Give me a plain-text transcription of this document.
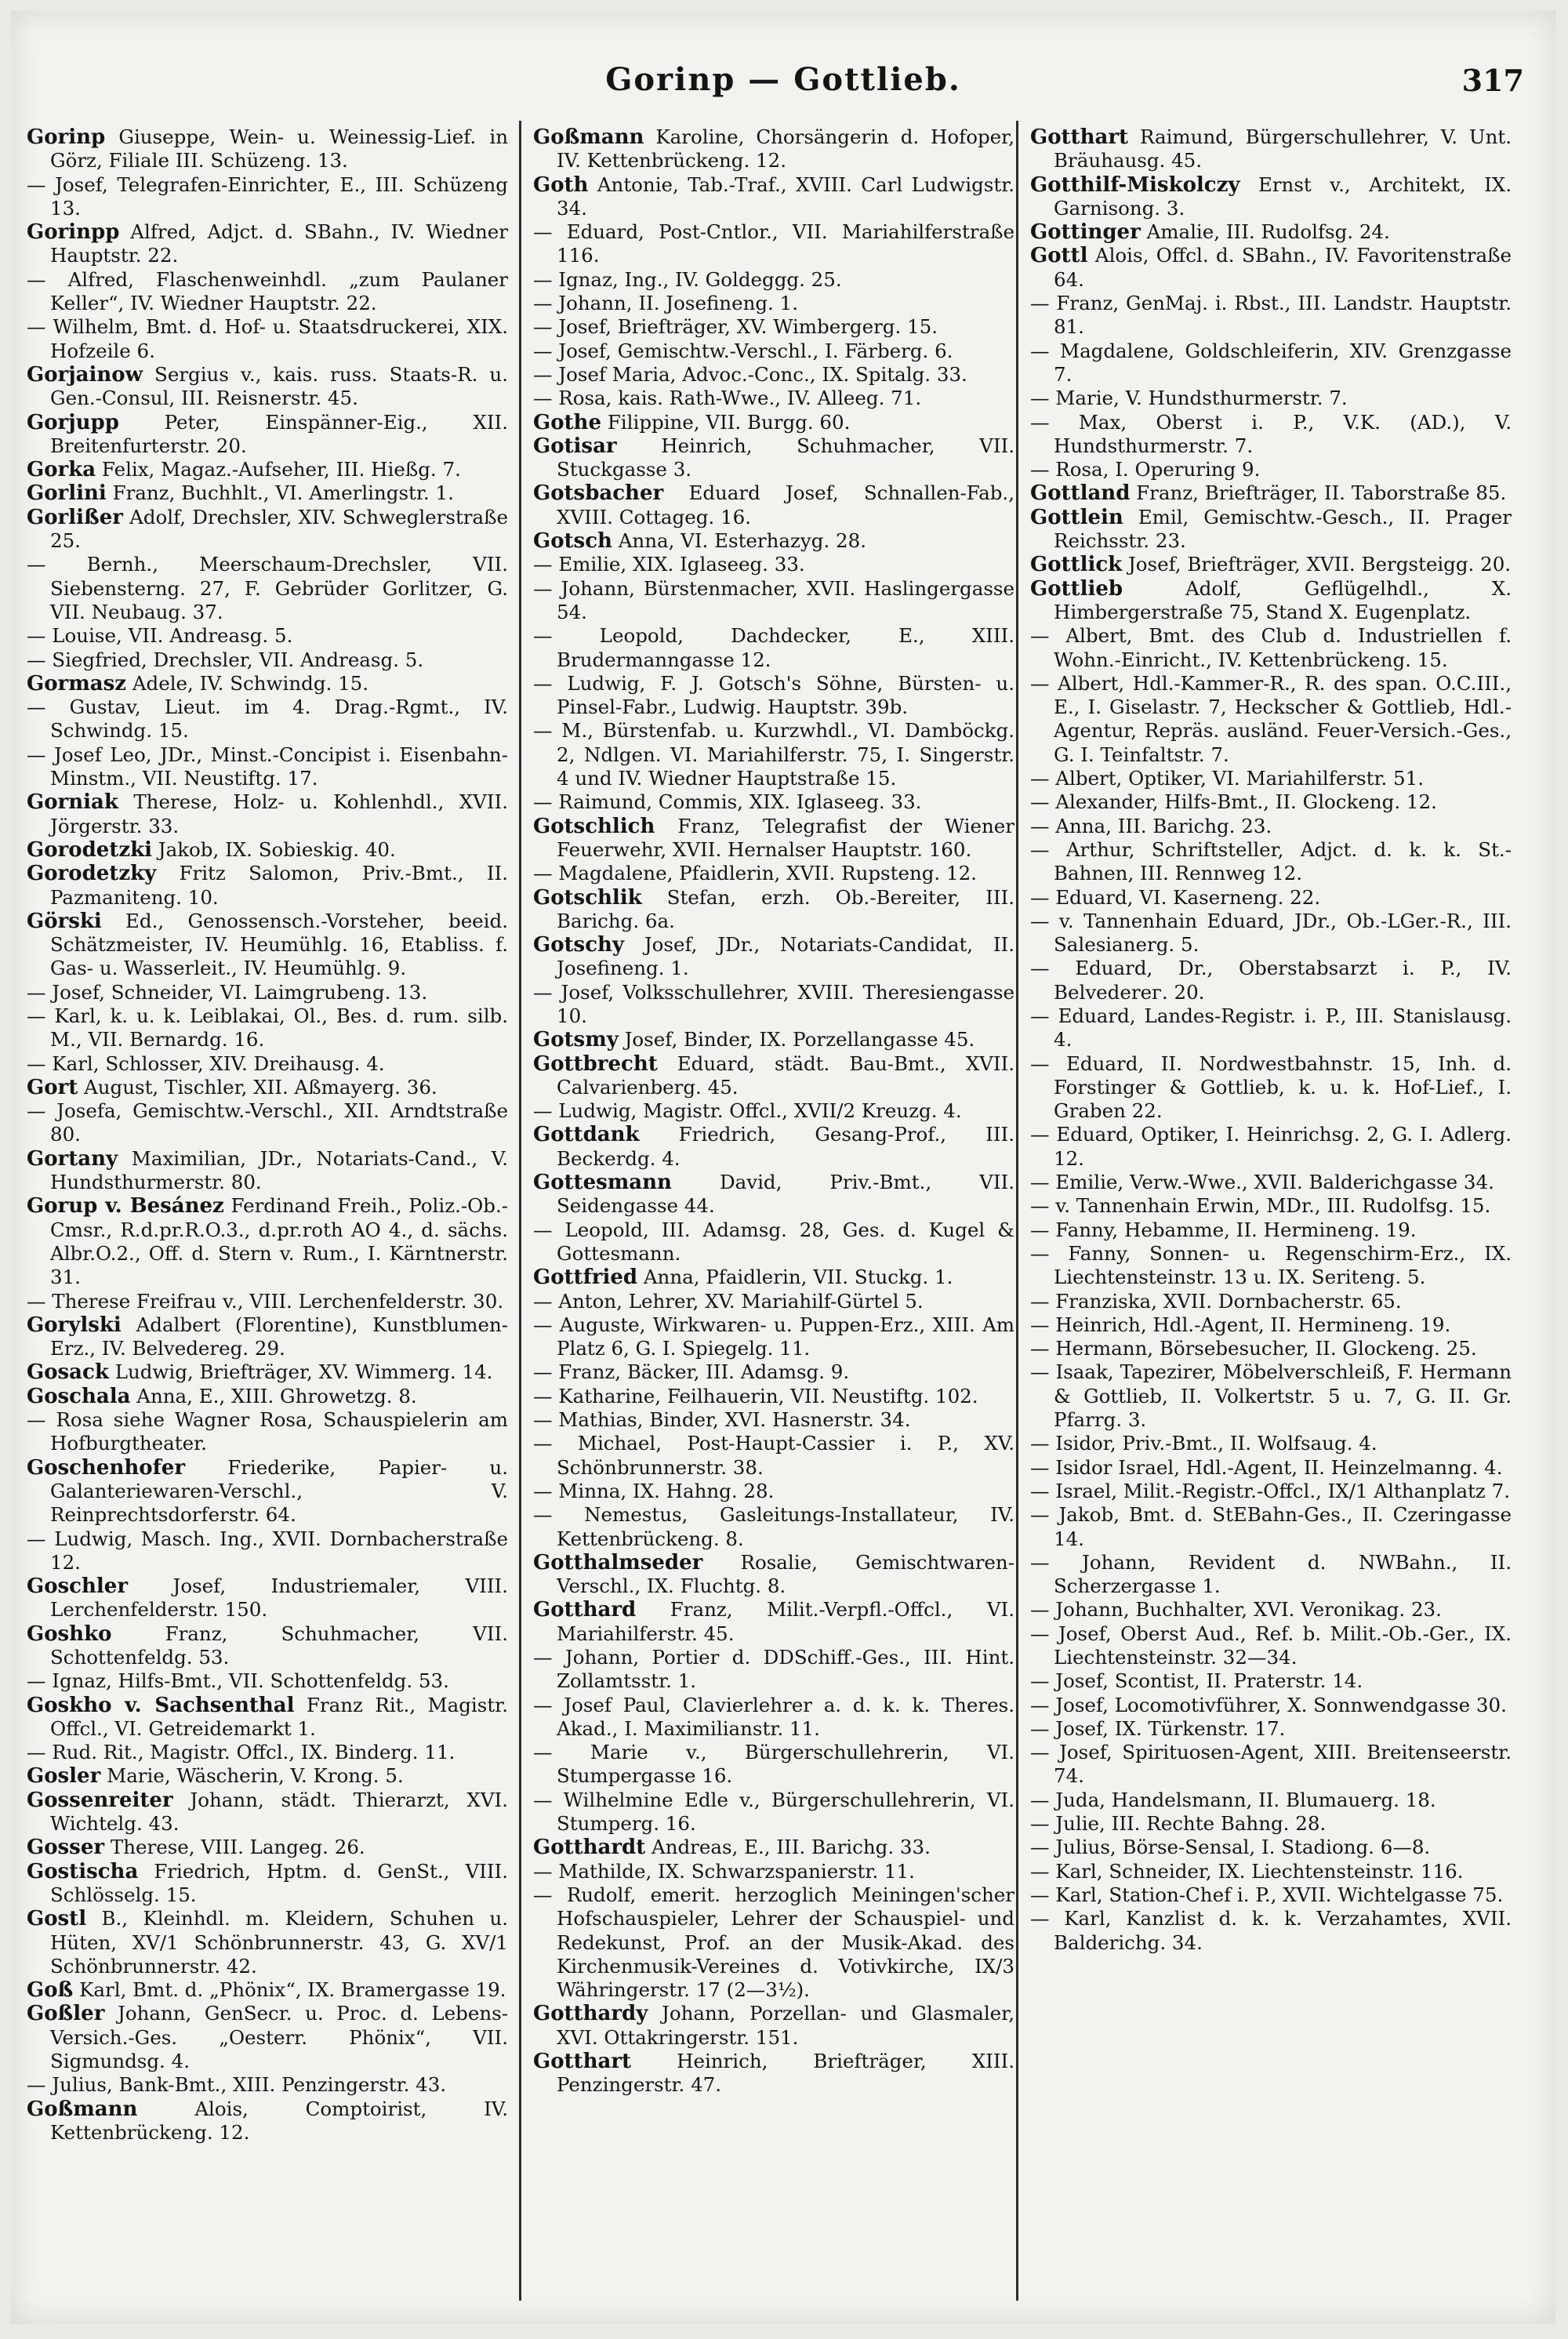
Gorinp — Gottlieb.	317
Gorinp Giuseppe, Wein- u. Weinessig-Lief. in Görz, Filiale III. Schüzeng. 13.
— Josef, Telegrafen-Einrichter, E., III. Schüzeng 13.
Gorinpp Alfred, Adjct. d. SBahn., IV. Wiedner Hauptstr. 22.
— Alfred, Flaschenweinhdl. „zum Paulaner Keller“, IV. Wiedner Hauptstr. 22.
— Wilhelm, Bmt. d. Hof- u. Staatsdruckerei, XIX. Hofzeile 6.
Gorjainow Sergius v., kais. russ. Staats-R. u. Gen.-Consul, III. Reisnerstr. 45.
Gorjupp Peter, Einspänner-Eig., XII. Breitenfurterstr. 20.
Gorka Felix, Magaz.-Aufseher, III. Hießg. 7.
Gorlini Franz, Buchhlt., VI. Amerlingstr. 1.
Gorlißer Adolf, Drechsler, XIV. Schweglerstraße 25.
— Bernh., Meerschaum-Drechsler, VII. Siebensterng. 27, F. Gebrüder Gorlitzer, G. VII. Neubaug. 37.
— Louise, VII. Andreasg. 5.
— Siegfried, Drechsler, VII. Andreasg. 5.
Gormasz Adele, IV. Schwindg. 15.
— Gustav, Lieut. im 4. Drag.-Rgmt., IV. Schwindg. 15.
— Josef Leo, JDr., Minst.-Concipist i. Eisenbahn-Minstm., VII. Neustiftg. 17.
Gorniak Therese, Holz- u. Kohlenhdl., XVII. Jörgerstr. 33.
Gorodetzki Jakob, IX. Sobieskig. 40.
Gorodetzky Fritz Salomon, Priv.-Bmt., II. Pazmaniteng. 10.
Görski Ed., Genossensch.-Vorsteher, beeid. Schätzmeister, IV. Heumühlg. 16, Etabliss. f. Gas- u. Wasserleit., IV. Heumühlg. 9.
— Josef, Schneider, VI. Laimgrubeng. 13.
— Karl, k. u. k. Leiblakai, Ol., Bes. d. rum. silb. M., VII. Bernardg. 16.
— Karl, Schlosser, XIV. Dreihausg. 4.
Gort August, Tischler, XII. Aßmayerg. 36.
— Josefa, Gemischtw.-Verschl., XII. Arndtstraße 80.
Gortany Maximilian, JDr., Notariats-Cand., V. Hundsthurmerstr. 80.
Gorup v. Besánez Ferdinand Freih., Poliz.-Ob.-Cmsr., R.d.pr.R.O.3., d.pr.roth AO 4., d. sächs. Albr.O.2., Off. d. Stern v. Rum., I. Kärntnerstr. 31.
— Therese Freifrau v., VIII. Lerchenfelderstr. 30.
Gorylski Adalbert (Florentine), Kunstblumen-Erz., IV. Belvedereg. 29.
Gosack Ludwig, Briefträger, XV. Wimmerg. 14.
Goschala Anna, E., XIII. Ghrowetzg. 8.
— Rosa siehe Wagner Rosa, Schauspielerin am Hofburgtheater.
Goschenhofer Friederike, Papier- u. Galanteriewaren-Verschl., V. Reinprechtsdorferstr. 64.
— Ludwig, Masch. Ing., XVII. Dornbacherstraße 12.
Goschler Josef, Industriemaler, VIII. Lerchenfelderstr. 150.
Goshko	Franz, Schuhmacher, VII. Schottenfeldg. 53.
— Ignaz, Hilfs-Bmt., VII. Schottenfeldg. 53.
Goskho v. Sachsenthal Franz Rit., Magistr. Offcl., VI. Getreidemarkt 1.
— Rud. Rit., Magistr. Offcl., IX. Binderg. 11.
Gosler Marie, Wäscherin, V. Krong. 5.
Gossenreiter Johann, städt. Thierarzt, XVI. Wichtelg. 43.
Gosser Therese, VIII. Langeg. 26.
Gostischa Friedrich, Hptm. d. GenSt., VIII. Schlösselg. 15.
Gostl B., Kleinhdl. m. Kleidern, Schuhen u. Hüten, XV/1 Schönbrunnerstr. 43, G. XV/1 Schönbrunnerstr. 42.
Goß Karl, Bmt. d. „Phönix“, IX. Bramergasse 19.
Goßler Johann, GenSecr. u. Proc. d. Lebens-Versich.-Ges. „Oesterr. Phönix“, VII. Sigmundsg. 4.
— Julius, Bank-Bmt., XIII. Penzingerstr. 43.
Goßmann	Alois, Comptoirist, IV. Kettenbrückeng. 12.
Goßmann Karoline, Chorsängerin d. Hofoper, IV. Kettenbrückeng. 12.
Goth Antonie, Tab.-Traf., XVIII. Carl Ludwigstr. 34.
— Eduard, Post-Cntlor., VII. Mariahilferstraße 116.
— Ignaz, Ing., IV. Goldeggg. 25.
— Johann, II. Josefineng. 1.
— Josef, Briefträger, XV. Wimbergerg. 15.
— Josef, Gemischtw.-Verschl., I. Färberg. 6.
— Josef Maria, Advoc.-Conc., IX. Spitalg. 33.
— Rosa, kais. Rath-Wwe., IV. Alleeg. 71.
Gothe Filippine, VII. Burgg. 60.
Gotisar Heinrich, Schuhmacher, VII. Stuckgasse 3.
Gotsbacher Eduard Josef, Schnallen-Fab., XVIII. Cottageg. 16.
Gotsch Anna, VI. Esterhazyg. 28.
— Emilie, XIX. Iglaseeg. 33.
— Johann, Bürstenmacher, XVII. Haslingergasse 54.
— Leopold, Dachdecker, E., XIII. Brudermanngasse 12.
— Ludwig, F. J. Gotsch's Söhne, Bürsten- u. Pinsel-Fabr., Ludwig. Hauptstr. 39b.
— M., Bürstenfab. u. Kurzwhdl., VI. Damböckg. 2, Ndlgen. VI. Mariahilferstr. 75, I. Singerstr. 4 und IV. Wiedner Hauptstraße 15.
— Raimund, Commis, XIX. Iglaseeg. 33.
Gotschlich Franz, Telegrafist der Wiener Feuerwehr, XVII. Hernalser Hauptstr. 160.
— Magdalene, Pfaidlerin, XVII. Rupsteng. 12.
Gotschlik Stefan, erzh. Ob.-Bereiter, III. Barichg. 6a.
Gotschy Josef, JDr., Notariats-Candidat, II. Josefineng. 1.
— Josef, Volksschullehrer, XVIII. Theresiengasse 10.
Gotsmy Josef, Binder, IX. Porzellangasse 45.
Gottbrecht Eduard, städt. Bau-Bmt., XVII. Calvarienberg. 45.
— Ludwig, Magistr. Offcl., XVII/2 Kreuzg. 4.
Gottdank Friedrich, Gesang-Prof., III. Beckerdg. 4.
Gottesmann David, Priv.-Bmt., VII. Seidengasse 44.
— Leopold, III. Adamsg. 28, Ges. d. Kugel & Gottesmann.
Gottfried Anna, Pfaidlerin, VII. Stuckg. 1.
— Anton, Lehrer, XV. Mariahilf-Gürtel 5.
— Auguste, Wirkwaren- u. Puppen-Erz., XIII. Am Platz 6, G. I. Spiegelg. 11.
— Franz, Bäcker, III. Adamsg. 9.
— Katharine, Feilhauerin, VII. Neustiftg. 102.
— Mathias, Binder, XVI. Hasnerstr. 34.
— Michael, Post-Haupt-Cassier i. P., XV. Schönbrunnerstr. 38.
— Minna, IX. Hahng. 28.
— Nemestus, Gasleitungs-Installateur, IV. Kettenbrückeng. 8.
Gotthalmseder Rosalie, Gemischtwaren-Verschl., IX. Fluchtg. 8.
Gotthard Franz, Milit.-Verpfl.-Offcl., VI. Mariahilferstr. 45.
— Johann, Portier d. DDSchiff.-Ges., III. Hint. Zollamtsstr. 1.
— Josef Paul, Clavierlehrer a. d. k. k. Theres. Akad., I. Maximilianstr. 11.
— Marie v., Bürgerschullehrerin, VI. Stumpergasse 16.
— Wilhelmine Edle v., Bürgerschullehrerin, VI. Stumperg. 16.
Gotthardt Andreas, E., III. Barichg. 33.
— Mathilde, IX. Schwarzspanierstr. 11.
— Rudolf, emerit. herzoglich Meiningen'scher Hofschauspieler, Lehrer der Schauspiel- und Redekunst, Prof. an der Musik-Akad. des Kirchenmusik-Vereines d. Votivkirche, IX/3 Währingerstr. 17 (2—3½).
Gotthardy Johann, Porzellan- und Glasmaler, XVI. Ottakringerstr. 151.
Gotthart Heinrich, Briefträger, XIII. Penzingerstr. 47.
Gotthart Raimund, Bürgerschullehrer, V. Unt. Bräuhausg. 45.
Gotthilf-Miskolczy Ernst v., Architekt, IX. Garnisong. 3.
Gottinger Amalie, III. Rudolfsg. 24.
Gottl Alois, Offcl. d. SBahn., IV. Favoritenstraße 64.
— Franz, GenMaj. i. Rbst., III. Landstr. Hauptstr. 81.
— Magdalene, Goldschleiferin, XIV. Grenzgasse 7.
— Marie, V. Hundsthurmerstr. 7.
— Max, Oberst i. P., V.K. (AD.), V. Hundsthurmerstr. 7.
— Rosa, I. Operuring 9.
Gottland Franz, Briefträger, II. Taborstraße 85.
Gottlein Emil, Gemischtw.-Gesch., II. Prager Reichsstr. 23.
Gottlick Josef, Briefträger, XVII. Bergsteigg. 20.
Gottlieb	Adolf, Geflügelhdl., X. Himbergerstraße 75, Stand X. Eugenplatz.
— Albert, Bmt. des Club d. Industriellen f. Wohn.-Einricht., IV. Kettenbrückeng. 15.
— Albert, Hdl.-Kammer-R., R. des span. O.C.III., E., I. Giselastr. 7, Heckscher & Gottlieb, Hdl.-Agentur, Repräs. ausländ. Feuer-Versich.-Ges., G. I. Teinfaltstr. 7.
— Albert, Optiker, VI. Mariahilferstr. 51.
— Alexander, Hilfs-Bmt., II. Glockeng. 12.
— Anna, III. Barichg. 23.
— Arthur, Schriftsteller, Adjct. d. k. k. St.-Bahnen, III. Rennweg 12.
— Eduard, VI. Kaserneng. 22.
— v. Tannenhain Eduard, JDr., Ob.-LGer.-R., III. Salesianerg. 5.
— Eduard, Dr., Oberstabsarzt i. P., IV. Belvederег. 20.
— Eduard, Landes-Registr. i. P., III. Stanislausg. 4.
— Eduard, II. Nordwestbahnstr. 15, Inh. d. Forstinger & Gottlieb, k. u. k. Hof-Lief., I. Graben 22.
— Eduard, Optiker, I. Heinrichsg. 2, G. I. Adlerg. 12.
— Emilie, Verw.-Wwe., XVII. Balderichgasse 34.
— v. Tannenhain Erwin, MDr., III. Rudolfsg. 15.
— Fanny, Hebamme, II. Hermineng. 19.
— Fanny, Sonnen- u. Regenschirm-Erz., IX. Liechtensteinstr. 13 u. IX. Seriteng. 5.
— Franziska, XVII. Dornbacherstr. 65.
— Heinrich, Hdl.-Agent, II. Hermineng. 19.
— Hermann, Börsebesucher, II. Glockeng. 25.
— Isaak, Tapezirer, Möbelverschleiß, F. Hermann & Gottlieb, II. Volkertstr. 5 u. 7, G. II. Gr. Pfarrg. 3.
— Isidor, Priv.-Bmt., II. Wolfsaug. 4.
— Isidor Israel, Hdl.-Agent, II. Heinzelmanng. 4.
— Israel, Milit.-Registr.-Offcl., IX/1 Althanplatz 7.
— Jakob, Bmt. d. StEBahn-Ges., II. Czeringasse 14.
— Johann, Revident d. NWBahn., II. Scherzergasse 1.
— Johann, Buchhalter, XVI. Veronikag. 23.
— Josef, Oberst Aud., Ref. b. Milit.-Ob.-Ger., IX. Liechtensteinstr. 32—34.
— Josef, Scontist, II. Praterstr. 14.
— Josef, Locomotivführer, X. Sonnwendgasse 30.
— Josef, IX. Türkenstr. 17.
— Josef, Spirituosen-Agent, XIII. Breitenseerstr. 74.
— Juda, Handelsmann, II. Blumauerg. 18.
— Julie, III. Rechte Bahng. 28.
— Julius, Börse-Sensal, I. Stadiong. 6—8.
— Karl, Schneider, IX. Liechtensteinstr. 116.
— Karl, Station-Chef i. P., XVII. Wichtelgasse 75.
— Karl, Kanzlist d. k. k. Verzahamtes, XVII. Balderichg. 34.
